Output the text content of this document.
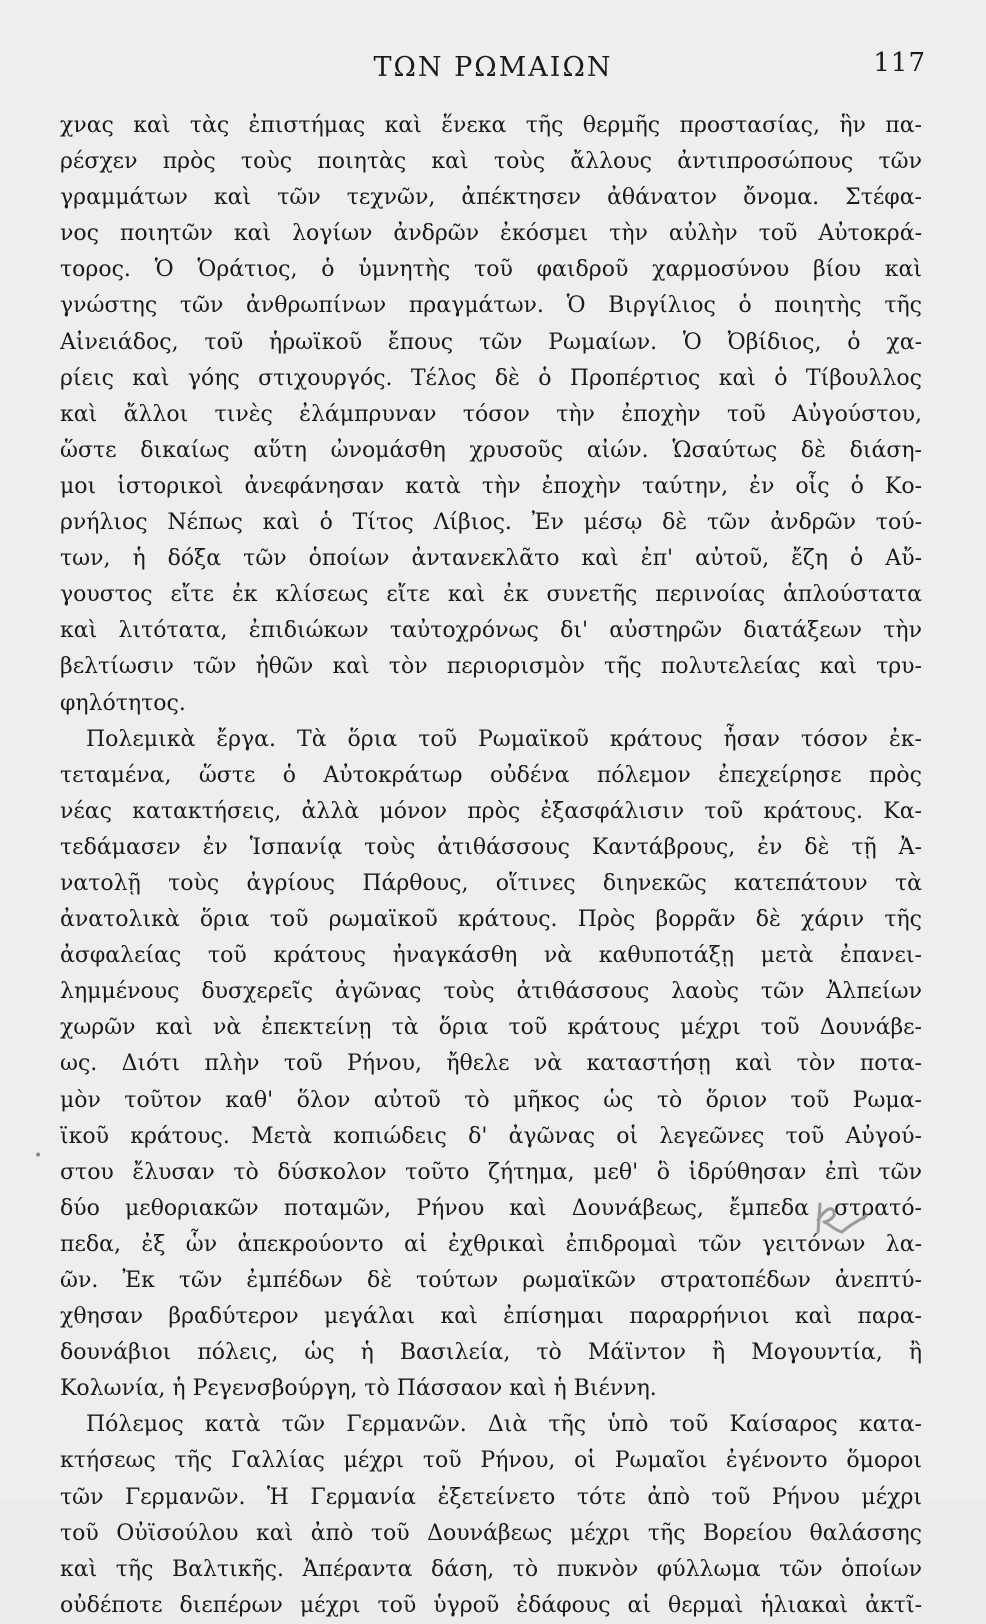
ΤΩΝ ΡΩΜΑΙΩΝ	117
χνας καὶ τὰς ἐπιστήμας καὶ ἕνεκα τῆς θερμῆς προστασίας, ἣν πα-
ρέσχεν πρὸς τοὺς ποιητὰς καὶ τοὺς ἄλλους ἀντιπροσώπους τῶν
γραμμάτων καὶ τῶν τεχνῶν, ἀπέκτησεν ἀθάνατον ὄνομα. Στέφα-
νος ποιητῶν καὶ λογίων ἀνδρῶν ἐκόσμει τὴν αὐλὴν τοῦ Αὐτοκρά-
τορος. Ὁ Ὁράτιος, ὁ ὑμνητὴς τοῦ φαιδροῦ χαρμοσύνου βίου καὶ
γνώστης τῶν ἀνθρωπίνων πραγμάτων. Ὁ Βιργίλιος ὁ ποιητὴς τῆς
Αἰνειάδος, τοῦ ἡρωϊκοῦ ἔπους τῶν Ρωμαίων. Ὁ Ὀβίδιος, ὁ χα-
ρίεις καὶ γόης στιχουργός. Τέλος δὲ ὁ Προπέρτιος καὶ ὁ Τίβουλλος
καὶ ἄλλοι τινὲς ἐλάμπρυναν τόσον τὴν ἐποχὴν τοῦ Αὐγούστου,
ὥστε δικαίως αὕτη ὠνομάσθη χρυσοῦς αἰών. Ὡσαύτως δὲ διάση-
μοι ἱστορικοὶ ἀνεφάνησαν κατὰ τὴν ἐποχὴν ταύτην, ἐν οἷς ὁ Κο-
ρνήλιος Νέπως καὶ ὁ Τίτος Λίβιος. Ἐν μέσῳ δὲ τῶν ἀνδρῶν τού-
των, ἡ δόξα τῶν ὁποίων ἀντανεκλᾶτο καὶ ἐπ' αὐτοῦ, ἔζη ὁ Αὔ-
γουστος εἴτε ἐκ κλίσεως εἴτε καὶ ἐκ συνετῆς περινοίας ἁπλούστατα
καὶ λιτότατα, ἐπιδιώκων ταὐτοχρόνως δι' αὐστηρῶν διατάξεων τὴν
βελτίωσιν τῶν ἠθῶν καὶ τὸν περιορισμὸν τῆς πολυτελείας καὶ τρυ-
φηλότητος.
Πολεμικὰ ἔργα. Τὰ ὅρια τοῦ Ρωμαϊκοῦ κράτους ἦσαν τόσον ἐκ-
τεταμένα, ὥστε ὁ Αὐτοκράτωρ οὐδένα πόλεμον ἐπεχείρησε πρὸς
νέας κατακτήσεις, ἀλλὰ μόνον πρὸς ἐξασφάλισιν τοῦ κράτους. Κα-
τεδάμασεν ἐν Ἱσπανίᾳ τοὺς ἀτιθάσσους Καντάβρους, ἐν δὲ τῇ Ἀ-
νατολῇ τοὺς ἀγρίους Πάρθους, οἵτινες διηνεκῶς κατεπάτουν τὰ
ἀνατολικὰ ὅρια τοῦ ρωμαϊκοῦ κράτους. Πρὸς βορρᾶν δὲ χάριν τῆς
ἀσφαλείας τοῦ κράτους ἠναγκάσθη νὰ καθυποτάξῃ μετὰ ἐπανει-
λημμένους δυσχερεῖς ἀγῶνας τοὺς ἀτιθάσσους λαοὺς τῶν Ἀλπείων
χωρῶν καὶ νὰ ἐπεκτείνῃ τὰ ὅρια τοῦ κράτους μέχρι τοῦ Δουνάβε-
ως. Διότι πλὴν τοῦ Ρήνου, ἤθελε νὰ καταστήσῃ καὶ τὸν ποτα-
μὸν τοῦτον καθ' ὅλον αὐτοῦ τὸ μῆκος ὡς τὸ ὅριον τοῦ Ρωμα-
ϊκοῦ κράτους. Μετὰ κοπιώδεις δ' ἀγῶνας οἱ λεγεῶνες τοῦ Αὐγού-
στου ἔλυσαν τὸ δύσκολον τοῦτο ζήτημα, μεθ' ὃ ἱδρύθησαν ἐπὶ τῶν
δύο μεθοριακῶν ποταμῶν, Ρήνου καὶ Δουνάβεως, ἔμπεδα στρατό-
πεδα, ἐξ ὧν ἀπεκρούοντο αἱ ἐχθρικαὶ ἐπιδρομαὶ τῶν γειτόνων λα-
ῶν. Ἐκ τῶν ἐμπέδων δὲ τούτων ρωμαϊκῶν στρατοπέδων ἀνεπτύ-
χθησαν βραδύτερον μεγάλαι καὶ ἐπίσημαι παραρρήνιοι καὶ παρα-
δουνάβιοι πόλεις, ὡς ἡ Βασιλεία, τὸ Μάϊντον ἢ Μογουντία, ἢ
Κολωνία, ἡ Ρεγενσβούργη, τὸ Πάσσαον καὶ ἡ Βιέννη.
Πόλεμος κατὰ τῶν Γερμανῶν. Διὰ τῆς ὑπὸ τοῦ Καίσαρος κατα-
κτήσεως τῆς Γαλλίας μέχρι τοῦ Ρήνου, οἱ Ρωμαῖοι ἐγένοντο ὅμοροι
τῶν Γερμανῶν. Ἡ Γερμανία ἐξετείνετο τότε ἀπὸ τοῦ Ρήνου μέχρι
τοῦ Οὐϊσούλου καὶ ἀπὸ τοῦ Δουνάβεως μέχρι τῆς Βορείου θαλάσσης
καὶ τῆς Βαλτικῆς. Ἀπέραντα δάση, τὸ πυκνὸν φύλλωμα τῶν ὁποίων
οὐδέποτε διεπέρων μέχρι τοῦ ὑγροῦ ἐδάφους αἱ θερμαὶ ἡλιακαὶ ἀκτῖ-
•
